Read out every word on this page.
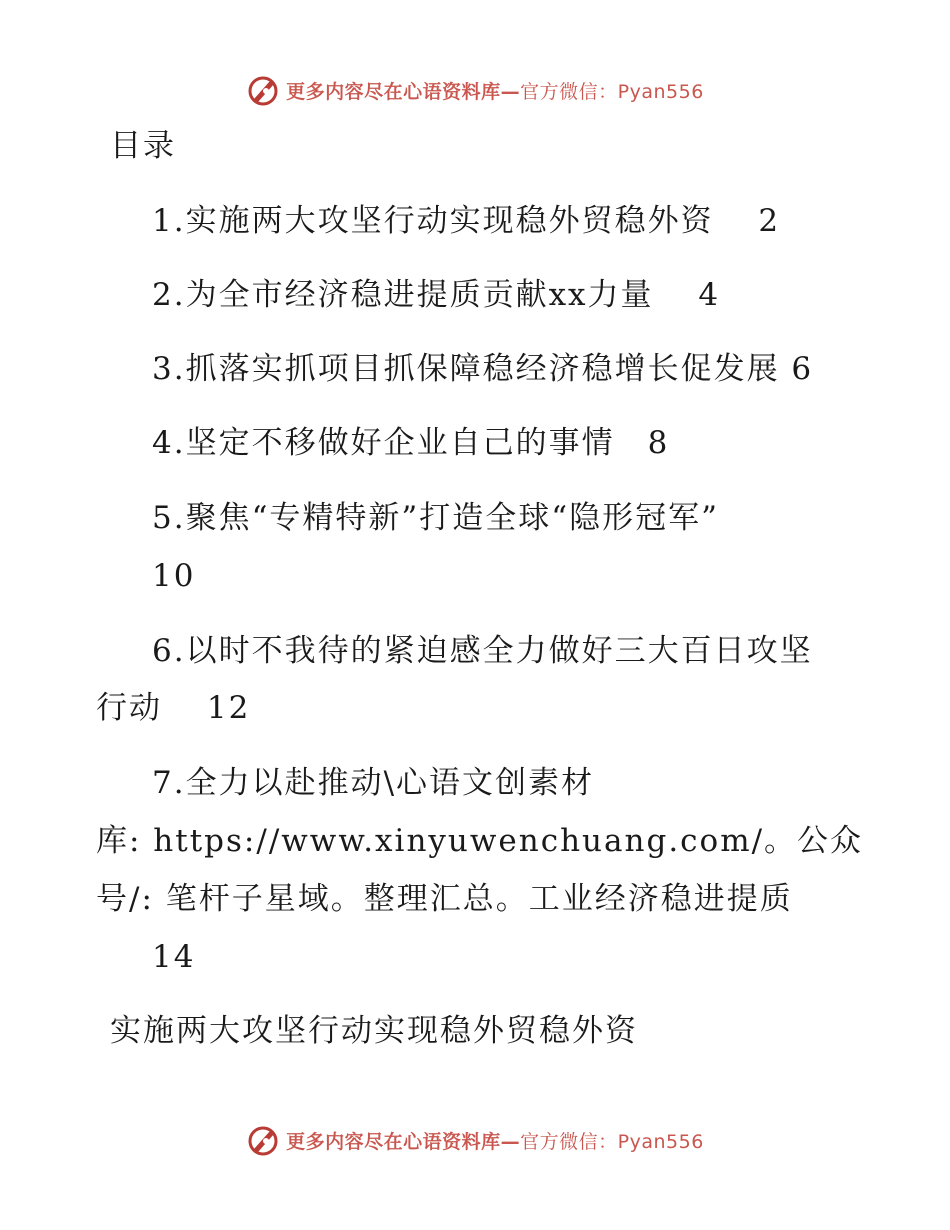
更多内容尽在心语资料库—官方微信：Pyan556
目录
1.实施两大攻坚行动实现稳外贸稳外资　 2
2.为全市经济稳进提质贡献xx力量　 4
3.抓落实抓项目抓保障稳经济稳增长促发展 6
4.坚定不移做好企业自己的事情　8
5.聚焦“专精特新”打造全球“隐形冠军”
10
6.以时不我待的紧迫感全力做好三大百日攻坚
行动　 12
7.全力以赴推动\心语文创素材
库: https://www.xinyuwenchuang.com/。公众
号/: 笔杆子星域。整理汇总。工业经济稳进提质
14
实施两大攻坚行动实现稳外贸稳外资
更多内容尽在心语资料库—官方微信：Pyan556
